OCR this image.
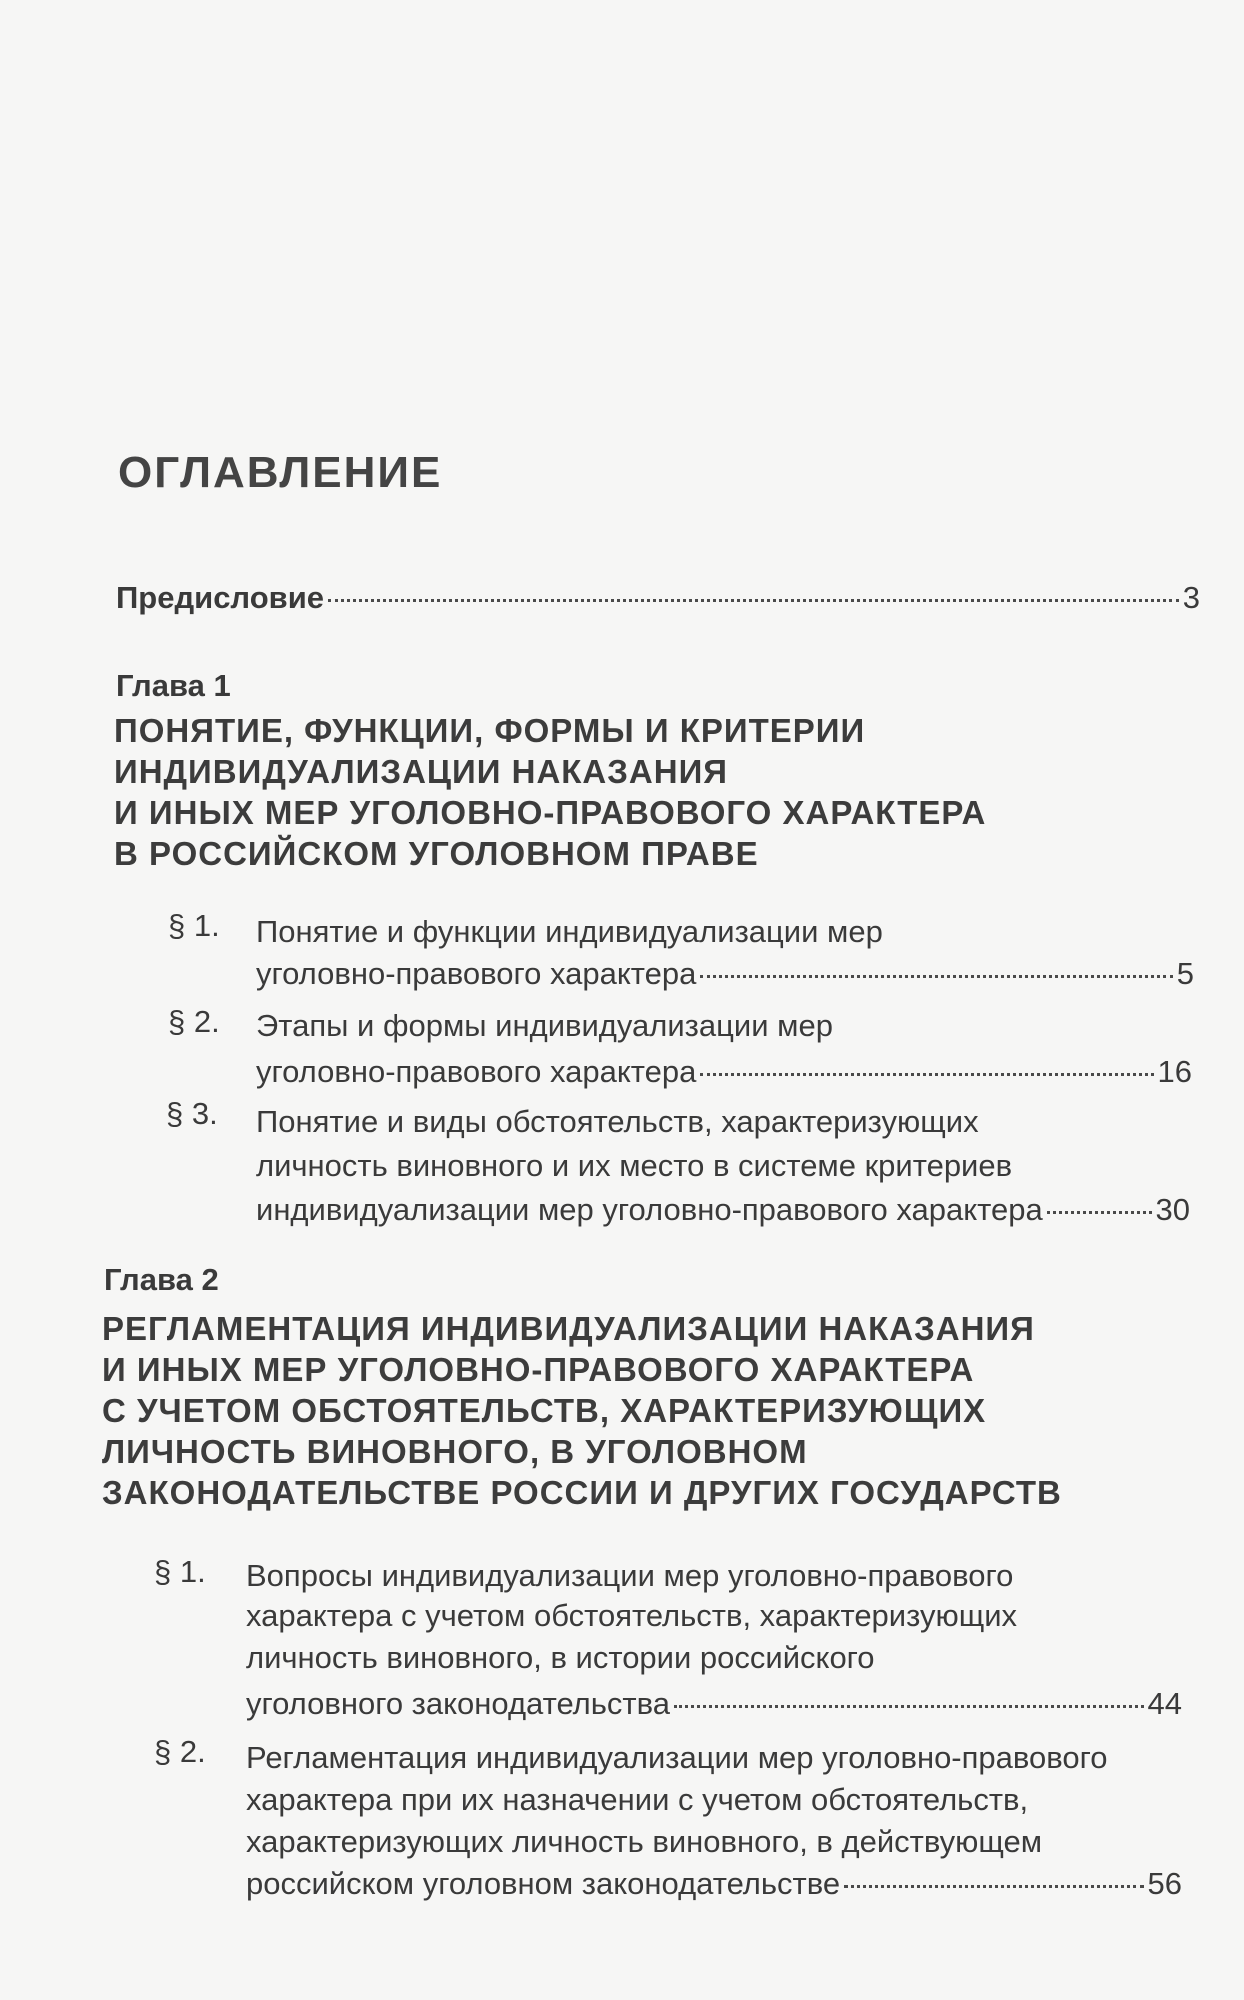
ОГЛАВЛЕНИЕ
Предисловие	3
Глава 1
ПОНЯТИЕ, ФУНКЦИИ, ФОРМЫ И КРИТЕРИИ
ИНДИВИДУАЛИЗАЦИИ НАКАЗАНИЯ
И ИНЫХ МЕР УГОЛОВНО-ПРАВОВОГО ХАРАКТЕРА
В РОССИЙСКОМ УГОЛОВНОМ ПРАВЕ
§ 1. Понятие и функции индивидуализации мер
уголовно-правового характера	5
§ 2. Этапы и формы индивидуализации мер
уголовно-правового характера	16
§ 3. Понятие и виды обстоятельств, характеризующих
личность виновного и их место в системе критериев
индивидуализации мер уголовно-правового характера	30
Глава 2
РЕГЛАМЕНТАЦИЯ ИНДИВИДУАЛИЗАЦИИ НАКАЗАНИЯ
И ИНЫХ МЕР УГОЛОВНО-ПРАВОВОГО ХАРАКТЕРА
С УЧЕТОМ ОБСТОЯТЕЛЬСТВ, ХАРАКТЕРИЗУЮЩИХ
ЛИЧНОСТЬ ВИНОВНОГО, В УГОЛОВНОМ
ЗАКОНОДАТЕЛЬСТВЕ РОССИИ И ДРУГИХ ГОСУДАРСТВ
§ 1. Вопросы индивидуализации мер уголовно-правового
характера с учетом обстоятельств, характеризующих
личность виновного, в истории российского
уголовного законодательства	44
§ 2. Регламентация индивидуализации мер уголовно-правового
характера при их назначении с учетом обстоятельств,
характеризующих личность виновного, в действующем
российском уголовном законодательстве	56
